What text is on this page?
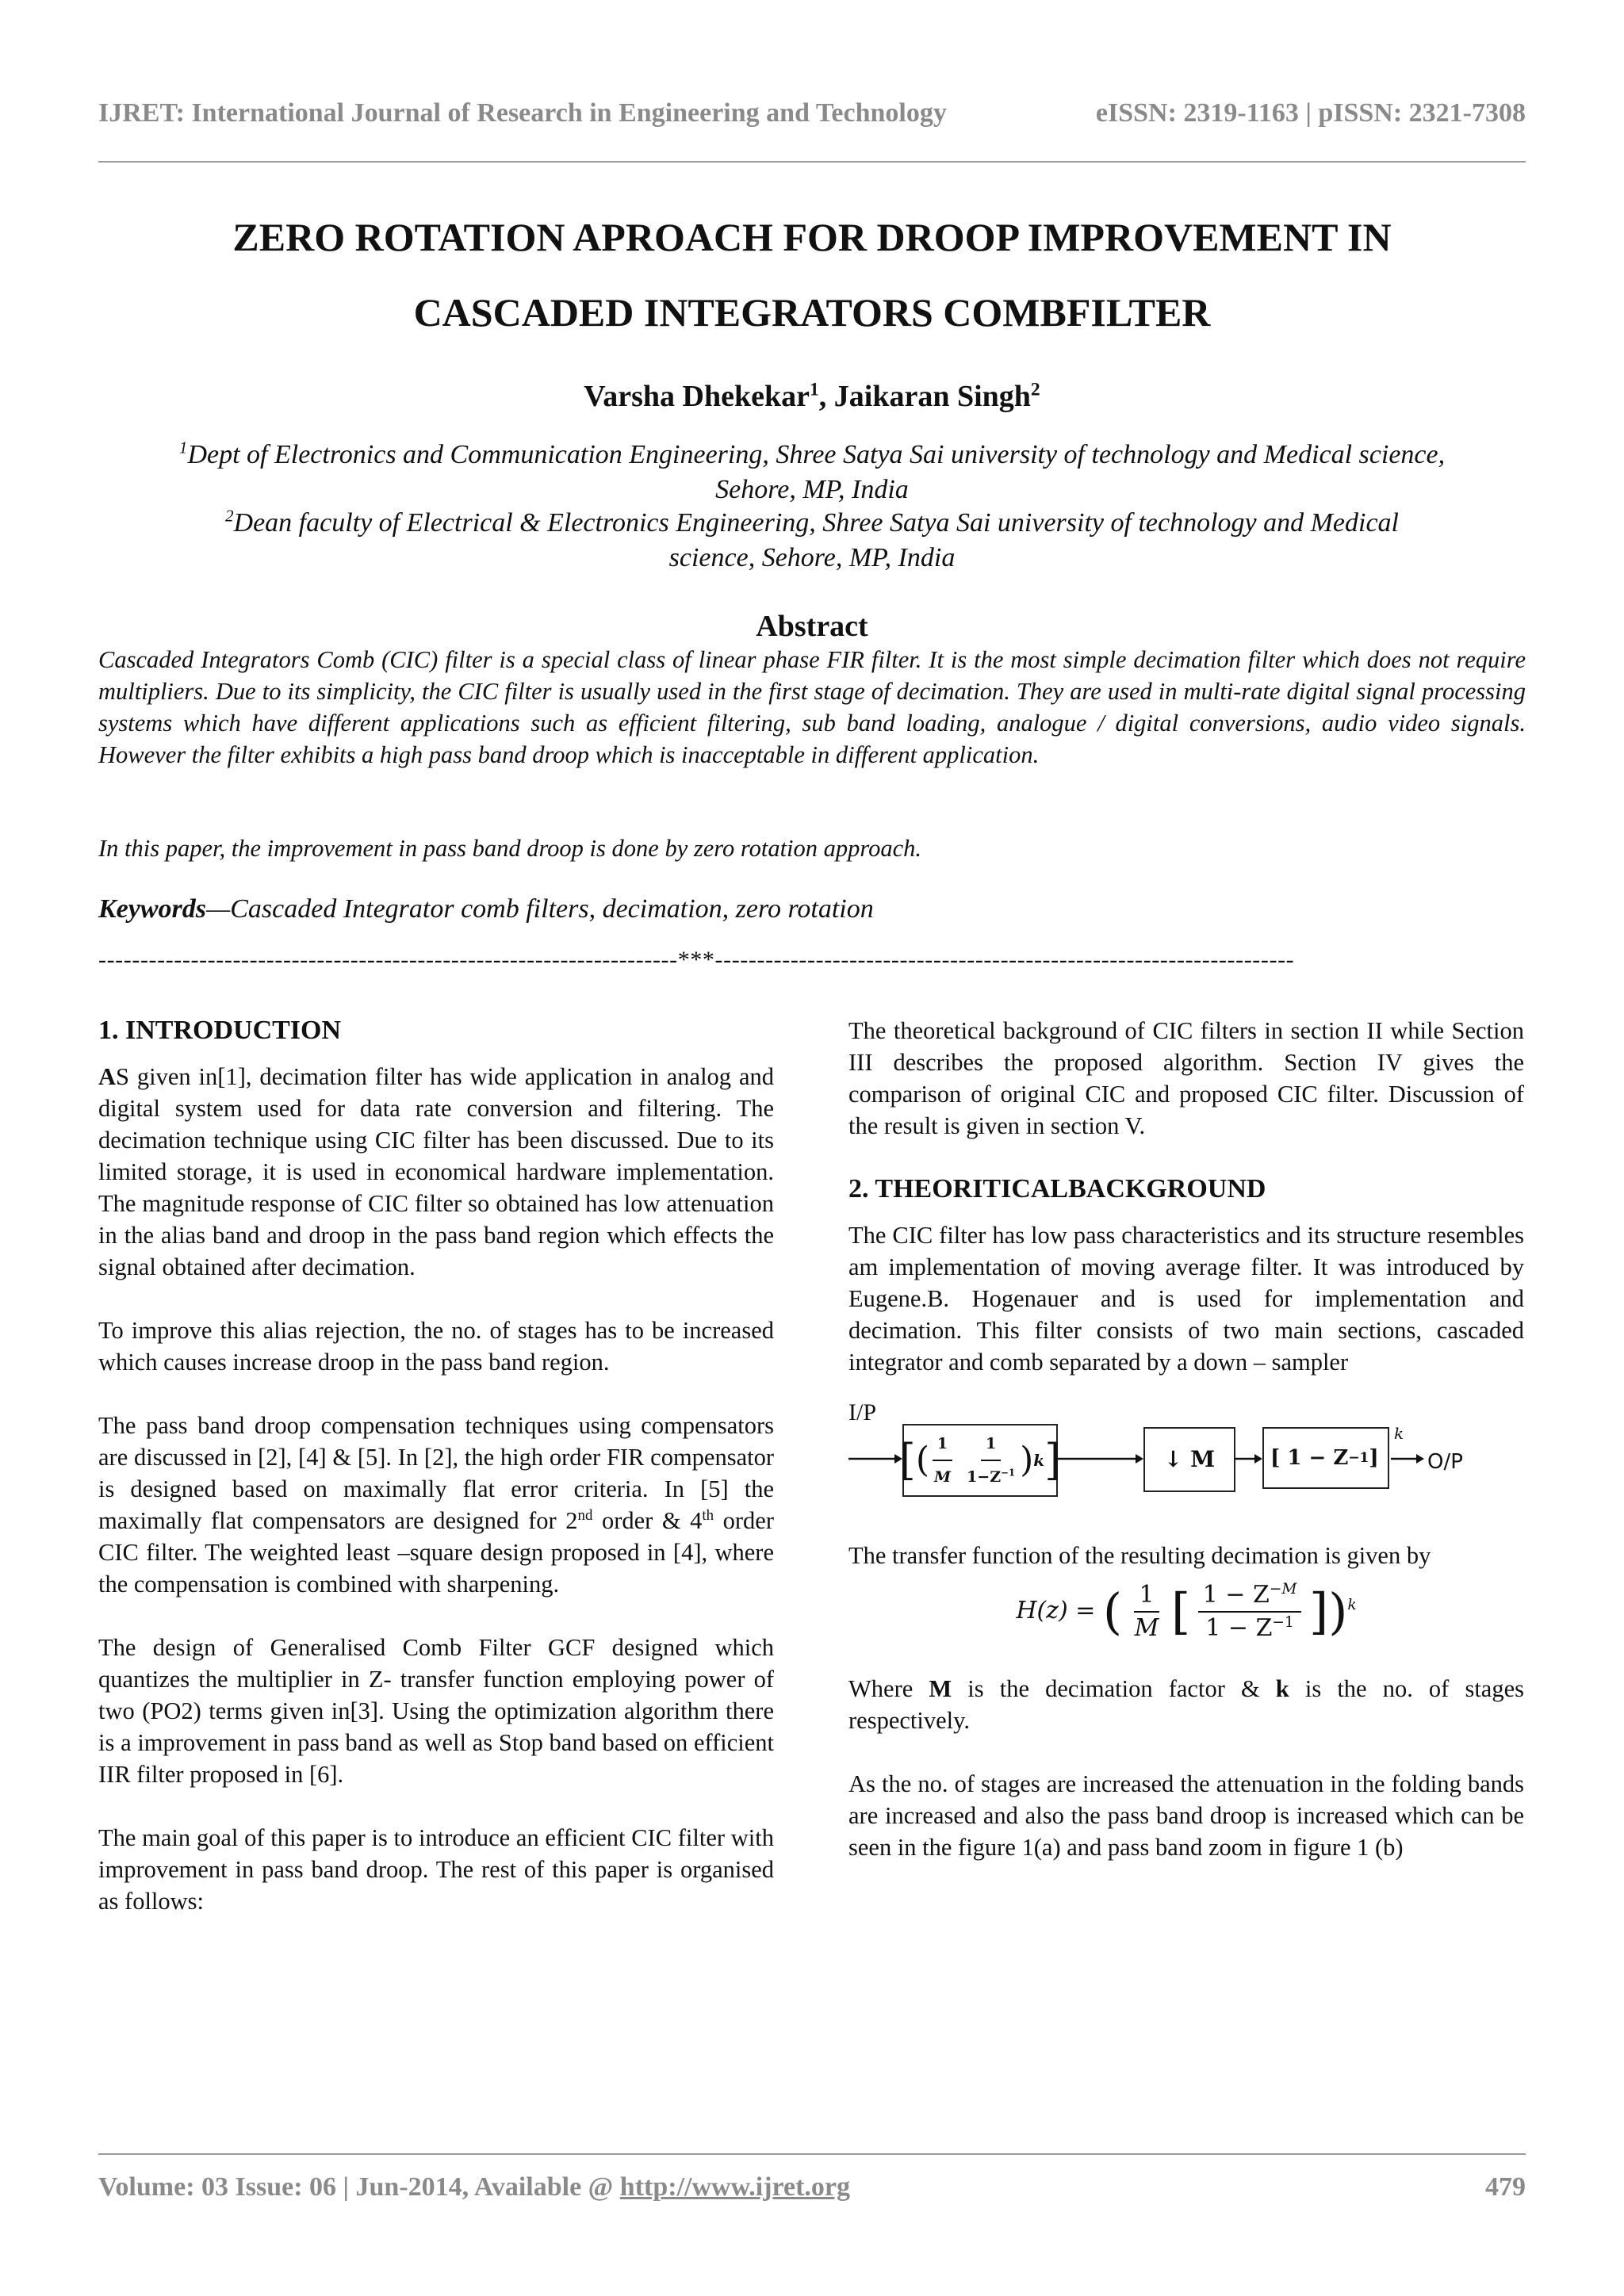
IJRET: International Journal of Research in Engineering and Technology	eISSN: 2319-1163 | pISSN: 2321-7308
ZERO ROTATION APROACH FOR DROOP IMPROVEMENT IN
CASCADED INTEGRATORS COMBFILTER
Varsha Dhekekar$^1$, Jaikaran Singh$^2$
$^1$Dept of Electronics and Communication Engineering, Shree Satya Sai university of technology and Medical science,
Sehore, MP, India
$^2$Dean faculty of Electrical & Electronics Engineering, Shree Satya Sai university of technology and Medical
science, Sehore, MP, India
Abstract
Cascaded Integrators Comb (CIC) filter is a special class of linear phase FIR filter. It is the most simple decimation filter which does not require multipliers. Due to its simplicity, the CIC filter is usually used in the first stage of decimation. They are used in multi-rate digital signal processing systems which have different applications such as efficient filtering, sub band loading, analogue / digital conversions, audio video signals. However the filter exhibits a high pass band droop which is inacceptable in different application.
In this paper, the improvement in pass band droop is done by zero rotation approach.
Keywords—Cascaded Integrator comb filters, decimation, zero rotation
---------------------------------------------------------------------***---------------------------------------------------------------------
1. INTRODUCTION

AS given in[1], decimation filter has wide application in analog and digital system used for data rate conversion and filtering. The decimation technique using CIC filter has been discussed. Due to its limited storage, it is used in economical hardware implementation. The magnitude response of CIC filter so obtained has low attenuation in the alias band and droop in the pass band region which effects the signal obtained after decimation.

To improve this alias rejection, the no. of stages has to be increased which causes increase droop in the pass band region.

The pass band droop compensation techniques using compensators are discussed in [2], [4] & [5]. In [2], the high order FIR compensator is designed based on maximally flat error criteria. In [5] the maximally flat compensators are designed for 2nd order & 4th order CIC filter. The weighted least –square design proposed in [4], where the compensation is combined with sharpening.

The design of Generalised Comb Filter GCF designed which quantizes the multiplier in Z- transfer function employing power of two (PO2) terms given in[3]. Using the optimization algorithm there is a improvement in pass band as well as Stop band based on efficient IIR filter proposed in [6].

The main goal of this paper is to introduce an efficient CIC filter with improvement in pass band droop. The rest of this paper is organised as follows:

The theoretical background of CIC filters in section II while Section III describes the proposed algorithm. Section IV gives the comparison of original CIC and proposed CIC filter. Discussion of the result is given in section V.

2. THEORITICALBACKGROUND

The CIC filter has low pass characteristics and its structure resembles am implementation of moving average filter. It was introduced by Eugene.B. Hogenauer and is used for implementation and decimation. This filter consists of two main sections, cascaded integrator and comb separated by a down – sampler

I/P
[ ( $\frac{1}{M} \frac{1}{1-Z^{-1}}$ ) k ]	↓ M	[ 1 − Z −1 ]
k
O/P

The transfer function of the resulting decimation is given by

H(z) = ( $\frac{1}{M}$ [ $\frac{1 - Z^{-M}}{1 - Z^{-1}} ])^k$

Where M is the decimation factor & k is the no. of stages respectively.

As the no. of stages are increased the attenuation in the folding bands are increased and also the pass band droop is increased which can be seen in the figure 1(a) and pass band zoom in figure 1 (b)

Volume: 03 Issue: 06 | Jun-2014, Available @ http://www.ijret.org	479
